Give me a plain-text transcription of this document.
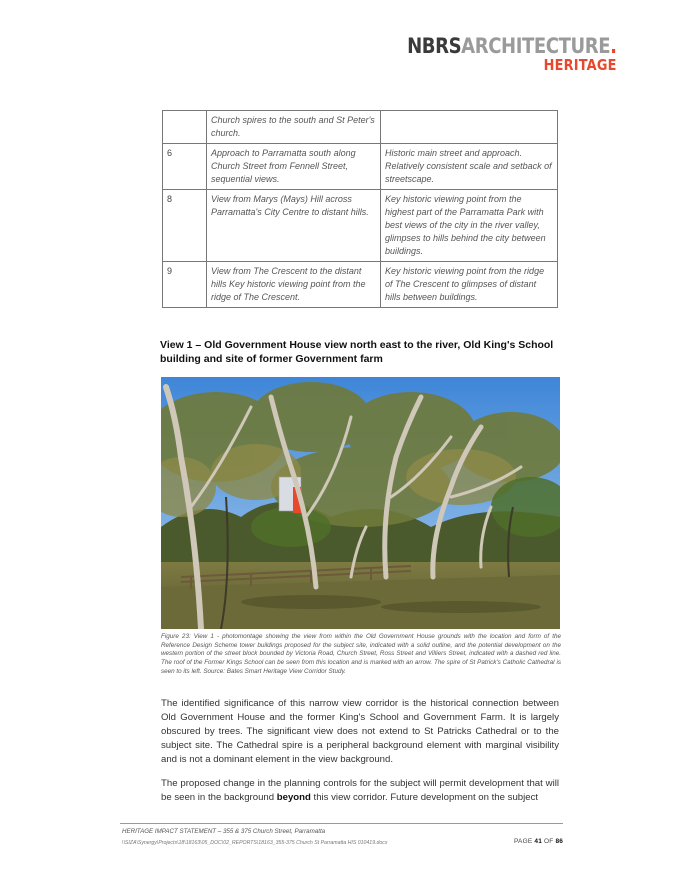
NBRSARCHITECTURE.
HERITAGE
	Church spires to the south and St Peter's church.	
6	Approach to Parramatta south along Church Street from Fennell Street, sequential views.	Historic main street and approach. Relatively consistent scale and setback of streetscape.
8	View from Marys (Mays) Hill across Parramatta's City Centre to distant hills.	Key historic viewing point from the highest part of the Parramatta Park with best views of the city in the river valley, glimpses to hills behind the city between buildings.
9	View from The Crescent to the distant hills Key historic viewing point from the ridge of The Crescent.	Key historic viewing point from the ridge of The Crescent to glimpses of distant hills between buildings.
View 1 – Old Government House view north east to the river, Old King's School building and site of former Government farm

Figure 23: View 1 - photomontage showing the view from within the Old Government House grounds with the location and form of the Reference Design Scheme tower buildings proposed for the subject site, indicated with a solid outline, and the potential development on the western portion of the street block bounded by Victoria Road, Church Street, Ross Street and Villiers Street, indicated with a dashed red line. The roof of the Former Kings School can be seen from this location and is marked with an arrow. The spire of St Patrick's Catholic Cathedral is seen to its left. Source: Bates Smart Heritage View Corridor Study.

The identified significance of this narrow view corridor is the historical connection between Old Government House and the former King's School and Government Farm. It is largely obscured by trees. The significant view does not extend to St Patricks Cathedral or to the subject site. The Cathedral spire is a peripheral background element with marginal visibility and is not a dominant element in the view background.

The proposed change in the planning controls for the subject will permit development that will be seen in the background beyond this view corridor. Future development on the subject

HERITAGE IMPACT STATEMENT – 355 & 375 Church Street, Parramatta
\\SIZA\Synergy\Projects\18\18163\05_DOC\02_REPORTS\18163_355-375 Church St Parramatta HIS 010419.docx	PAGE 41 OF 86
